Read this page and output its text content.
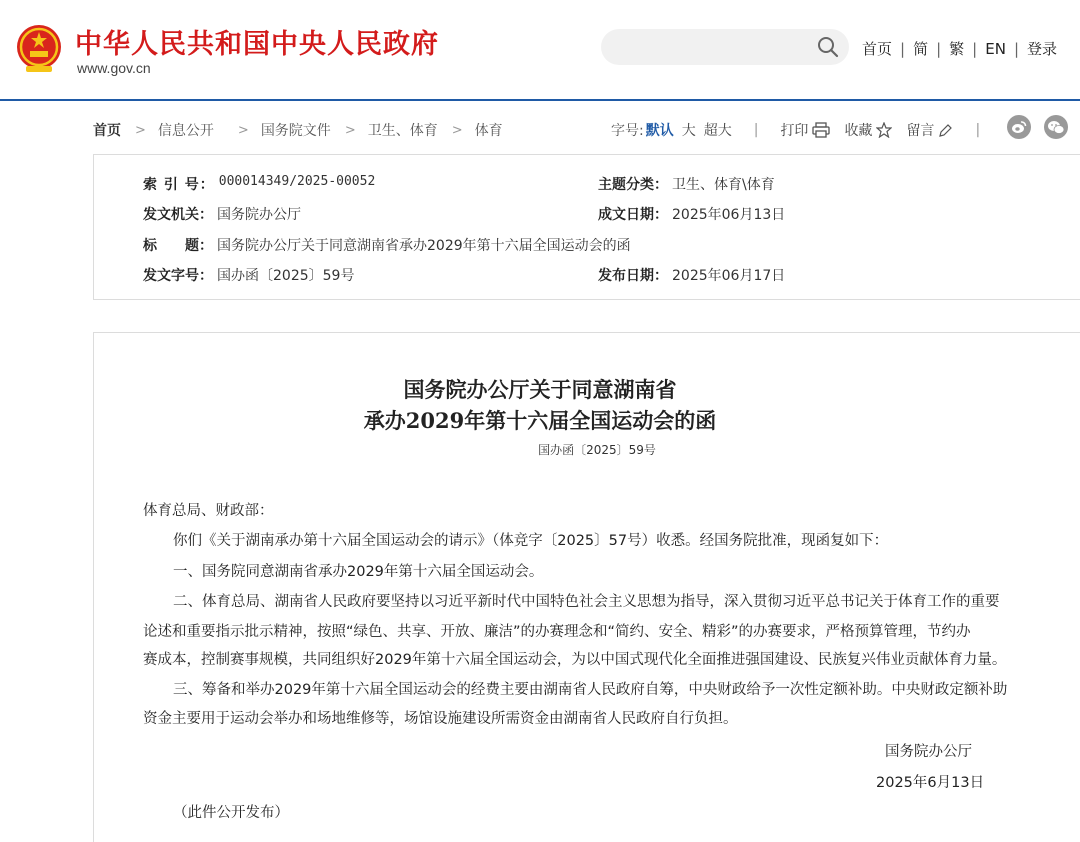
中华人民共和国中央人民政府
www.gov.cn
首页 | 简 | 繁 | EN | 登录
首页 > 信息公开 > 国务院文件 > 卫生、体育 > 体育	字号: 默认 大 超大 | 打印	收藏 留言	|
索 引 号： 000014349/2025-00052	主题分类： 卫生、体育\体育
发文机关： 国务院办公厅	成文日期： 2025年06月13日
标　　题： 国务院办公厅关于同意湖南省承办2029年第十六届全国运动会的函
发文字号： 国办函〔2025〕59号	发布日期： 2025年06月17日
国务院办公厅关于同意湖南省
承办2029年第十六届全国运动会的函
国办函〔2025〕59号
体育总局、财政部：
你们《关于湖南承办第十六届全国运动会的请示》（体竞字〔2025〕57号）收悉。经国务院批准，现函复如下：
一、国务院同意湖南省承办2029年第十六届全国运动会。
二、体育总局、湖南省人民政府要坚持以习近平新时代中国特色社会主义思想为指导，深入贯彻习近平总书记关于体育工作的重要
论述和重要指示批示精神，按照“绿色、共享、开放、廉洁”的办赛理念和“简约、安全、精彩”的办赛要求，严格预算管理，节约办
赛成本，控制赛事规模，共同组织好2029年第十六届全国运动会，为以中国式现代化全面推进强国建设、民族复兴伟业贡献体育力量。
三、筹备和举办2029年第十六届全国运动会的经费主要由湖南省人民政府自筹，中央财政给予一次性定额补助。中央财政定额补助
资金主要用于运动会举办和场地维修等，场馆设施建设所需资金由湖南省人民政府自行负担。
国务院办公厅
2025年6月13日
（此件公开发布）
